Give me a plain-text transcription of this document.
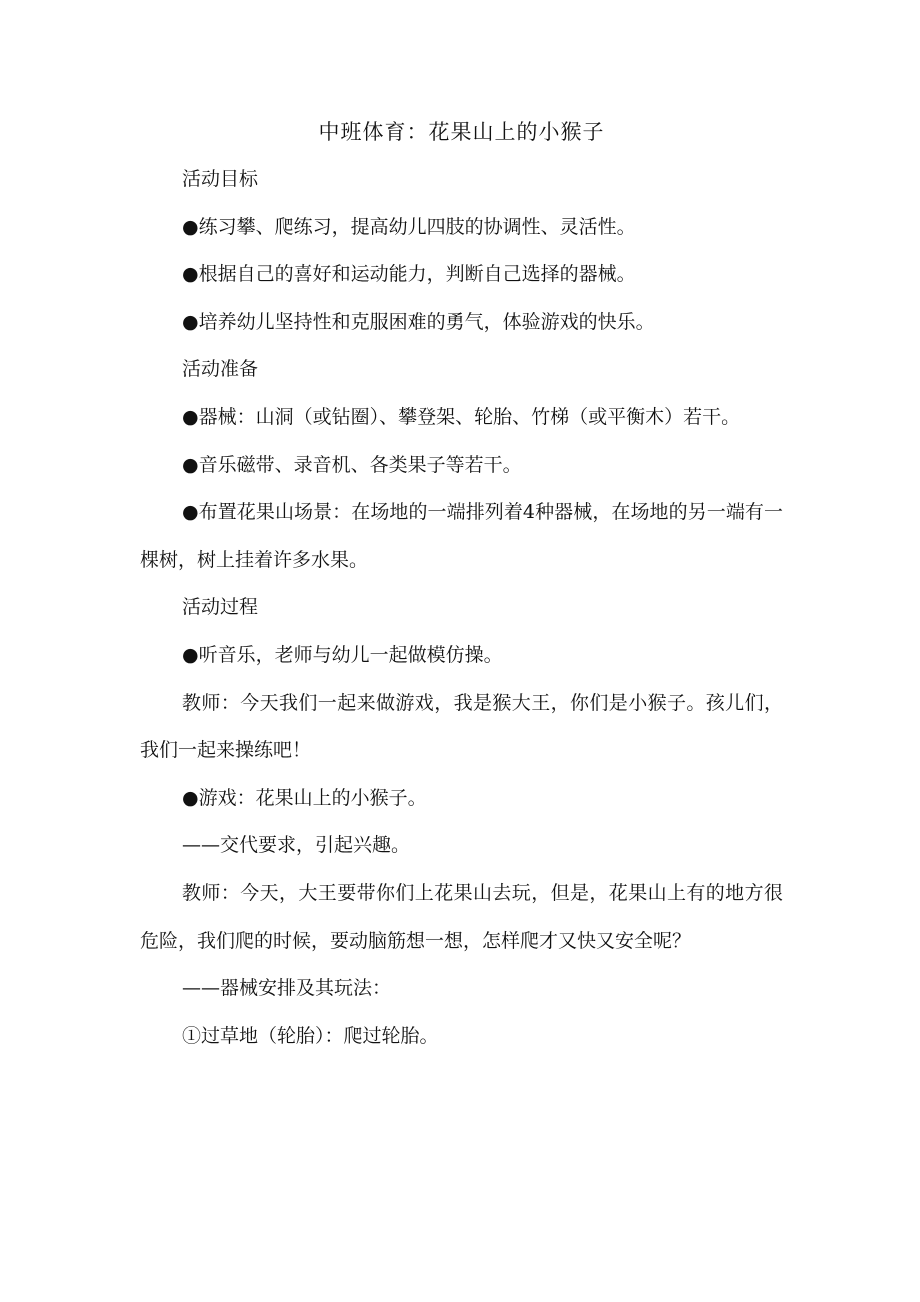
中班体育：花果山上的小猴子

活动目标

●练习攀、爬练习，提高幼儿四肢的协调性、灵活性。

●根据自己的喜好和运动能力，判断自己选择的器械。

●培养幼儿坚持性和克服困难的勇气，体验游戏的快乐。

活动准备

●器械：山洞（或钻圈）、攀登架、轮胎、竹梯（或平衡木）若干。

●音乐磁带、录音机、各类果子等若干。

●布置花果山场景：在场地的一端排列着4种器械，在场地的另一端有一棵树，树上挂着许多水果。

活动过程

●听音乐，老师与幼儿一起做模仿操。

教师：今天我们一起来做游戏，我是猴大王，你们是小猴子。孩儿们，我们一起来操练吧！

●游戏：花果山上的小猴子。

——交代要求，引起兴趣。

教师：今天，大王要带你们上花果山去玩，但是，花果山上有的地方很危险，我们爬的时候，要动脑筋想一想，怎样爬才又快又安全呢？

——器械安排及其玩法：

①过草地（轮胎）：爬过轮胎。
